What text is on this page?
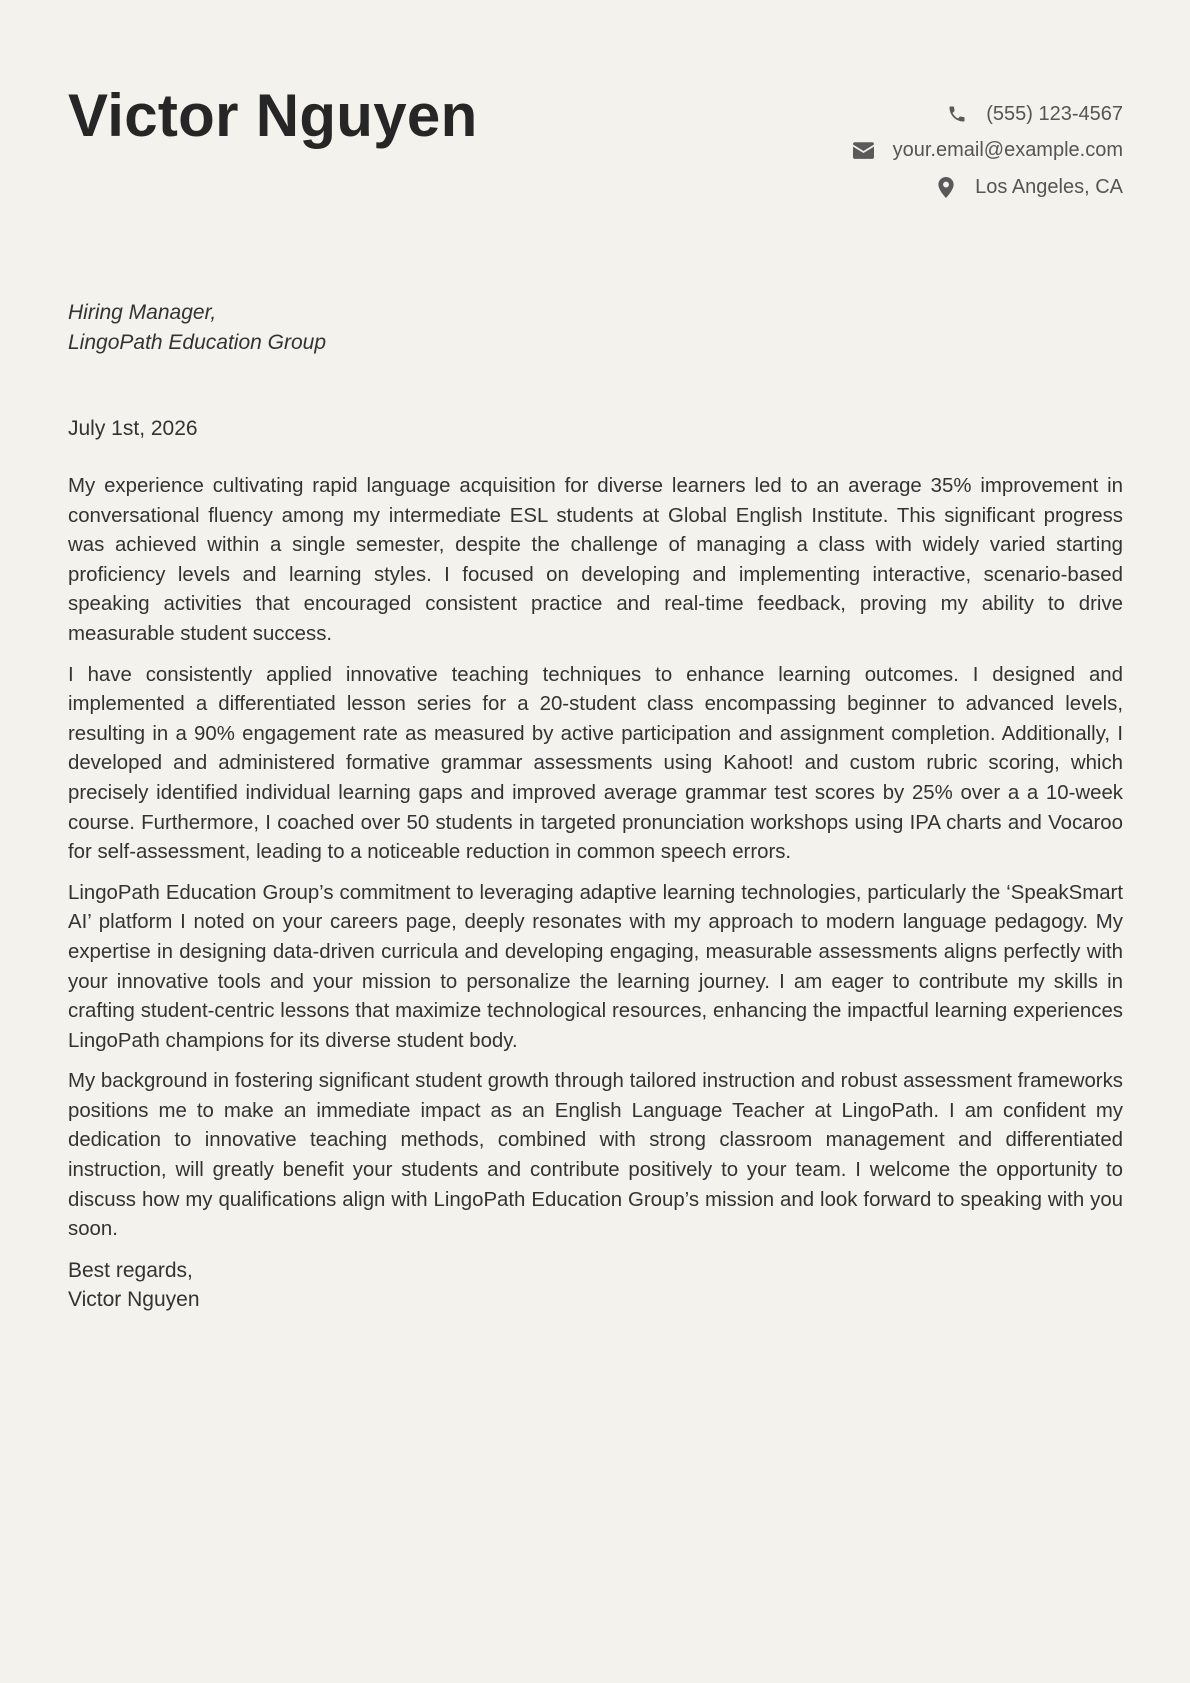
Victor Nguyen	(555) 123-4567
your.email@example.com
Los Angeles, CA
Hiring Manager,
LingoPath Education Group
July 1st, 2026

My experience cultivating rapid language acquisition for diverse learners led to an average 35% improvement in conversational fluency among my intermediate ESL students at Global English Institute. This significant progress was achieved within a single semester, despite the challenge of managing a class with widely varied starting proficiency levels and learning styles. I focused on developing and implementing interactive, scenario-based speaking activities that encouraged consistent practice and real-time feedback, proving my ability to drive measurable student success.

I have consistently applied innovative teaching techniques to enhance learning outcomes. I designed and implemented a differentiated lesson series for a 20-student class encompassing beginner to advanced levels, resulting in a 90% engagement rate as measured by active participation and assignment completion. Additionally, I developed and administered formative grammar assessments using Kahoot! and custom rubric scoring, which precisely identified individual learning gaps and improved average grammar test scores by 25% over a a 10-week course. Furthermore, I coached over 50 students in targeted pronunciation workshops using IPA charts and Vocaroo for self-assessment, leading to a noticeable reduction in common speech errors.

LingoPath Education Group’s commitment to leveraging adaptive learning technologies, particularly the ‘SpeakSmart AI’ platform I noted on your careers page, deeply resonates with my approach to modern language pedagogy. My expertise in designing data-driven curricula and developing engaging, measurable assessments aligns perfectly with your innovative tools and your mission to personalize the learning journey. I am eager to contribute my skills in crafting student-centric lessons that maximize technological resources, enhancing the impactful learning experiences LingoPath champions for its diverse student body.

My background in fostering significant student growth through tailored instruction and robust assessment frameworks positions me to make an immediate impact as an English Language Teacher at LingoPath. I am confident my dedication to innovative teaching methods, combined with strong classroom management and differentiated instruction, will greatly benefit your students and contribute positively to your team. I welcome the opportunity to discuss how my qualifications align with LingoPath Education Group’s mission and look forward to speaking with you soon.

Best regards,
Victor Nguyen
